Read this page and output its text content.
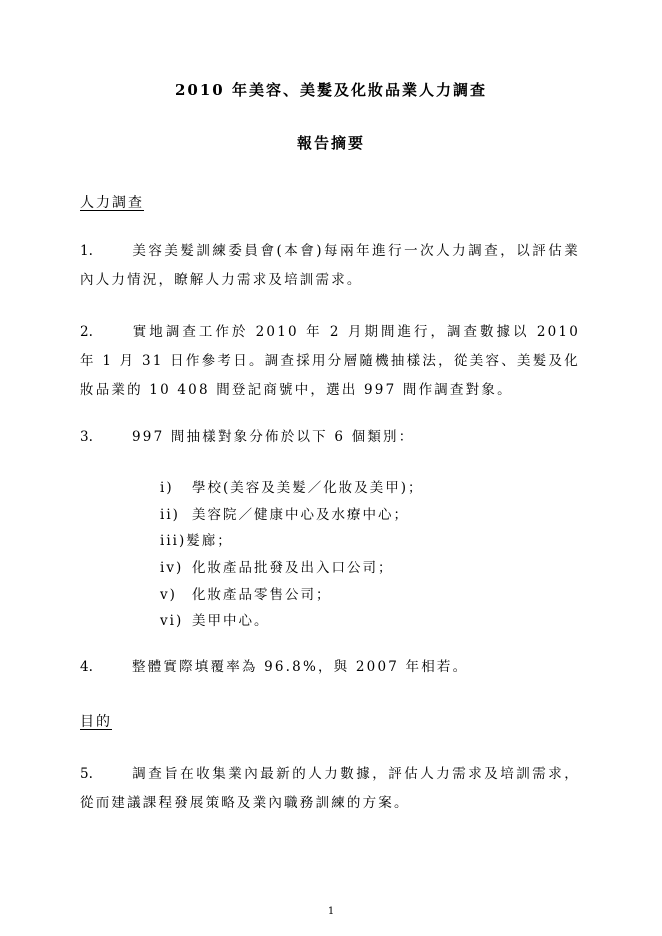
2010 年美容、美髮及化妝品業人力調查
報告摘要
人力調查
1.	美容美髮訓練委員會(本會)每兩年進行一次人力調查，以評估業內人力情況，瞭解人力需求及培訓需求。
2.	實地調查工作於 2010 年 2 月期間進行，調查數據以 2010 年 1 月 31 日作參考日。調查採用分層隨機抽樣法，從美容、美髮及化妝品業的 10 408 間登記商號中，選出 997 間作調查對象。
3.	997 間抽樣對象分佈於以下 6 個類別：
i) 學校(美容及美髮／化妝及美甲)；
ii) 美容院／健康中心及水療中心；
iii)髮廊；
iv) 化妝產品批發及出入口公司；
v) 化妝產品零售公司；
vi) 美甲中心。
4.	整體實際填覆率為 96.8%，與 2007 年相若。
目的
5.	調查旨在收集業內最新的人力數據，評估人力需求及培訓需求，從而建議課程發展策略及業內職務訓練的方案。
1
